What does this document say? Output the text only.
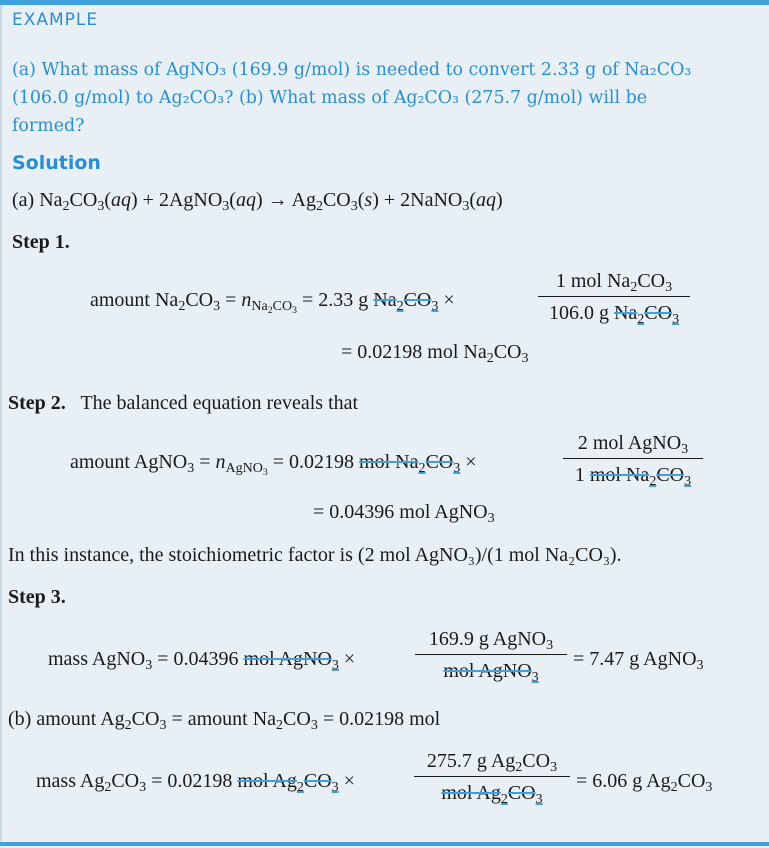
EXAMPLE
(a) What mass of AgNO₃ (169.9 g/mol) is needed to convert 2.33 g of Na₂CO₃
(106.0 g/mol) to Ag₂CO₃? (b) What mass of Ag₂CO₃ (275.7 g/mol) will be
formed?
Solution
(a) $Na_2CO_3(aq)$ + 2AgNO$_3$(aq) → $Ag_2CO_3(s)$ + 2NaNO$_3$(aq)
Step 1.
amount $Na_2CO_3 = n_{Na_2CO_3} = 2.33$ g $Na_2CO_3$ ×
1 mol $Na_2CO_3$
106.0 g $Na_2CO_3$
= 0.02198 mol $Na_2CO_3$
Step 2. The balanced equation reveals that
amount AgNO$_3$ = $n_{AgNO_3} = 0.02198$ mol $Na_2CO_3$ ×
2 mol AgNO$_3$
1 mol $Na_2CO_3$
= 0.04396 mol AgNO$_3$
In this instance, the stoichiometric factor is (2 mol AgNO₃)/(1 mol Na₂CO₃).
Step 3.
mass AgNO$_3$ = 0.04396 mol AgNO$_3$ ×
169.9 g AgNO$_3$
mol AgNO$_3$
= 7.47 g AgNO$_3$
(b) amount $Ag_2CO_3$ = amount $Na_2CO_3 = 0.02198$ mol
mass $Ag_2CO_3 = 0.02198$ mol $Ag_2CO_3$ ×
275.7 g $Ag_2CO_3$
mol $Ag_2CO_3$
= 6.06 g $Ag_2CO_3$
